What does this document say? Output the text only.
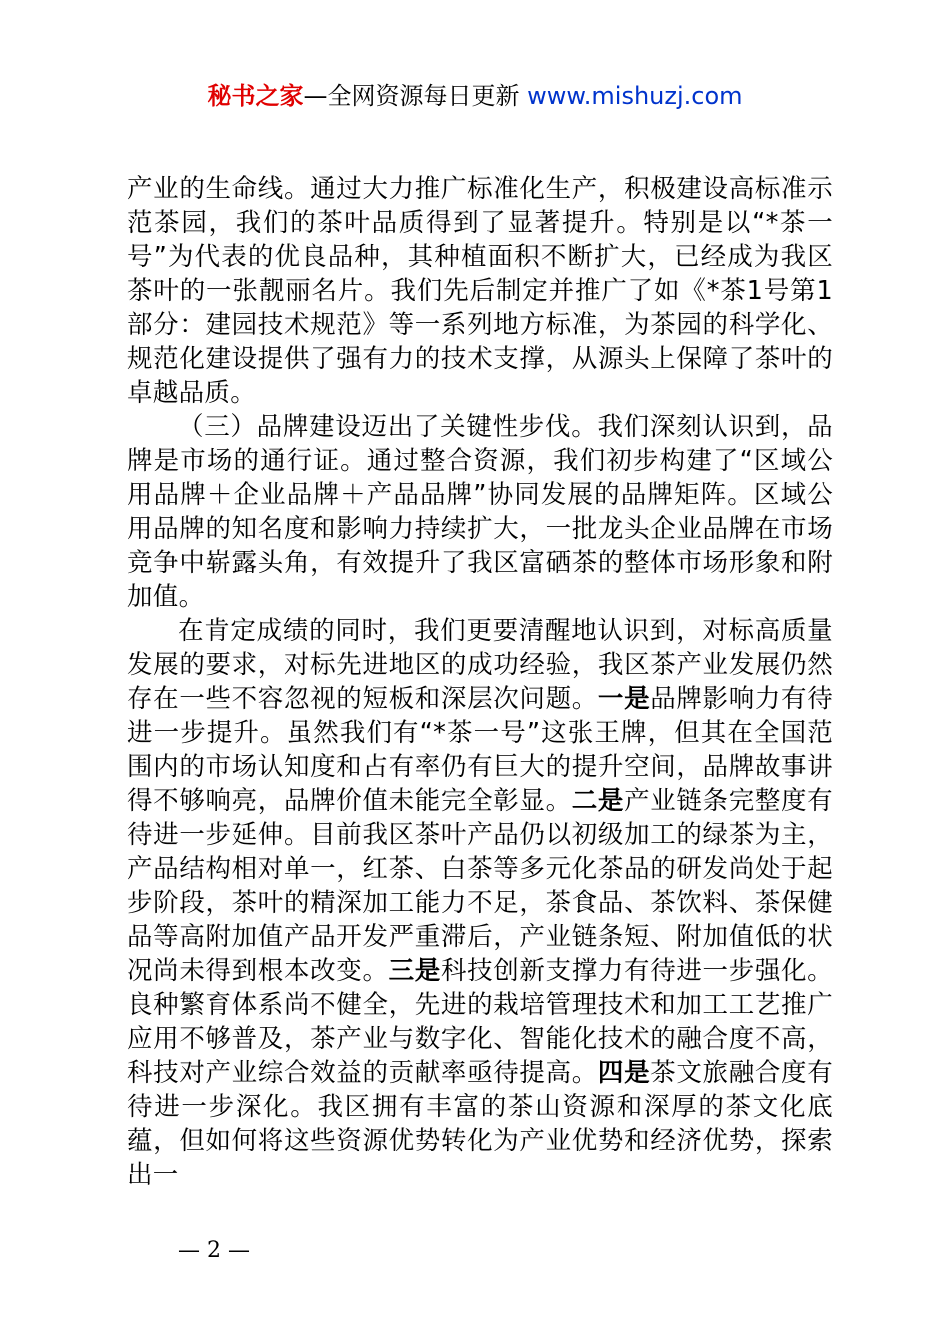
秘书之家—全网资源每日更新 www.mishuzj.com

产业的生命线。通过大力推广标准化生产，积极建设高标准示范茶园，我们的茶叶品质得到了显著提升。特别是以“*茶一号”为代表的优良品种，其种植面积不断扩大，已经成为我区茶叶的一张靓丽名片。我们先后制定并推广了如《*茶1号第1部分：建园技术规范》等一系列地方标准，为茶园的科学化、规范化建设提供了强有力的技术支撑，从源头上保障了茶叶的卓越品质。

（三）品牌建设迈出了关键性步伐。我们深刻认识到，品牌是市场的通行证。通过整合资源，我们初步构建了“区域公用品牌＋企业品牌＋产品品牌”协同发展的品牌矩阵。区域公用品牌的知名度和影响力持续扩大，一批龙头企业品牌在市场竞争中崭露头角，有效提升了我区富硒茶的整体市场形象和附加值。

在肯定成绩的同时，我们更要清醒地认识到，对标高质量发展的要求，对标先进地区的成功经验，我区茶产业发展仍然存在一些不容忽视的短板和深层次问题。一是品牌影响力有待进一步提升。虽然我们有“*茶一号”这张王牌，但其在全国范围内的市场认知度和占有率仍有巨大的提升空间，品牌故事讲得不够响亮，品牌价值未能完全彰显。二是产业链条完整度有待进一步延伸。目前我区茶叶产品仍以初级加工的绿茶为主，产品结构相对单一，红茶、白茶等多元化茶品的研发尚处于起步阶段，茶叶的精深加工能力不足，茶食品、茶饮料、茶保健品等高附加值产品开发严重滞后，产业链条短、附加值低的状况尚未得到根本改变。三是科技创新支撑力有待进一步强化。良种繁育体系尚不健全，先进的栽培管理技术和加工工艺推广应用不够普及，茶产业与数字化、智能化技术的融合度不高，科技对产业综合效益的贡献率亟待提高。四是茶文旅融合度有待进一步深化。我区拥有丰富的茶山资源和深厚的茶文化底蕴，但如何将这些资源优势转化为产业优势和经济优势，探索出一

— 2 —
